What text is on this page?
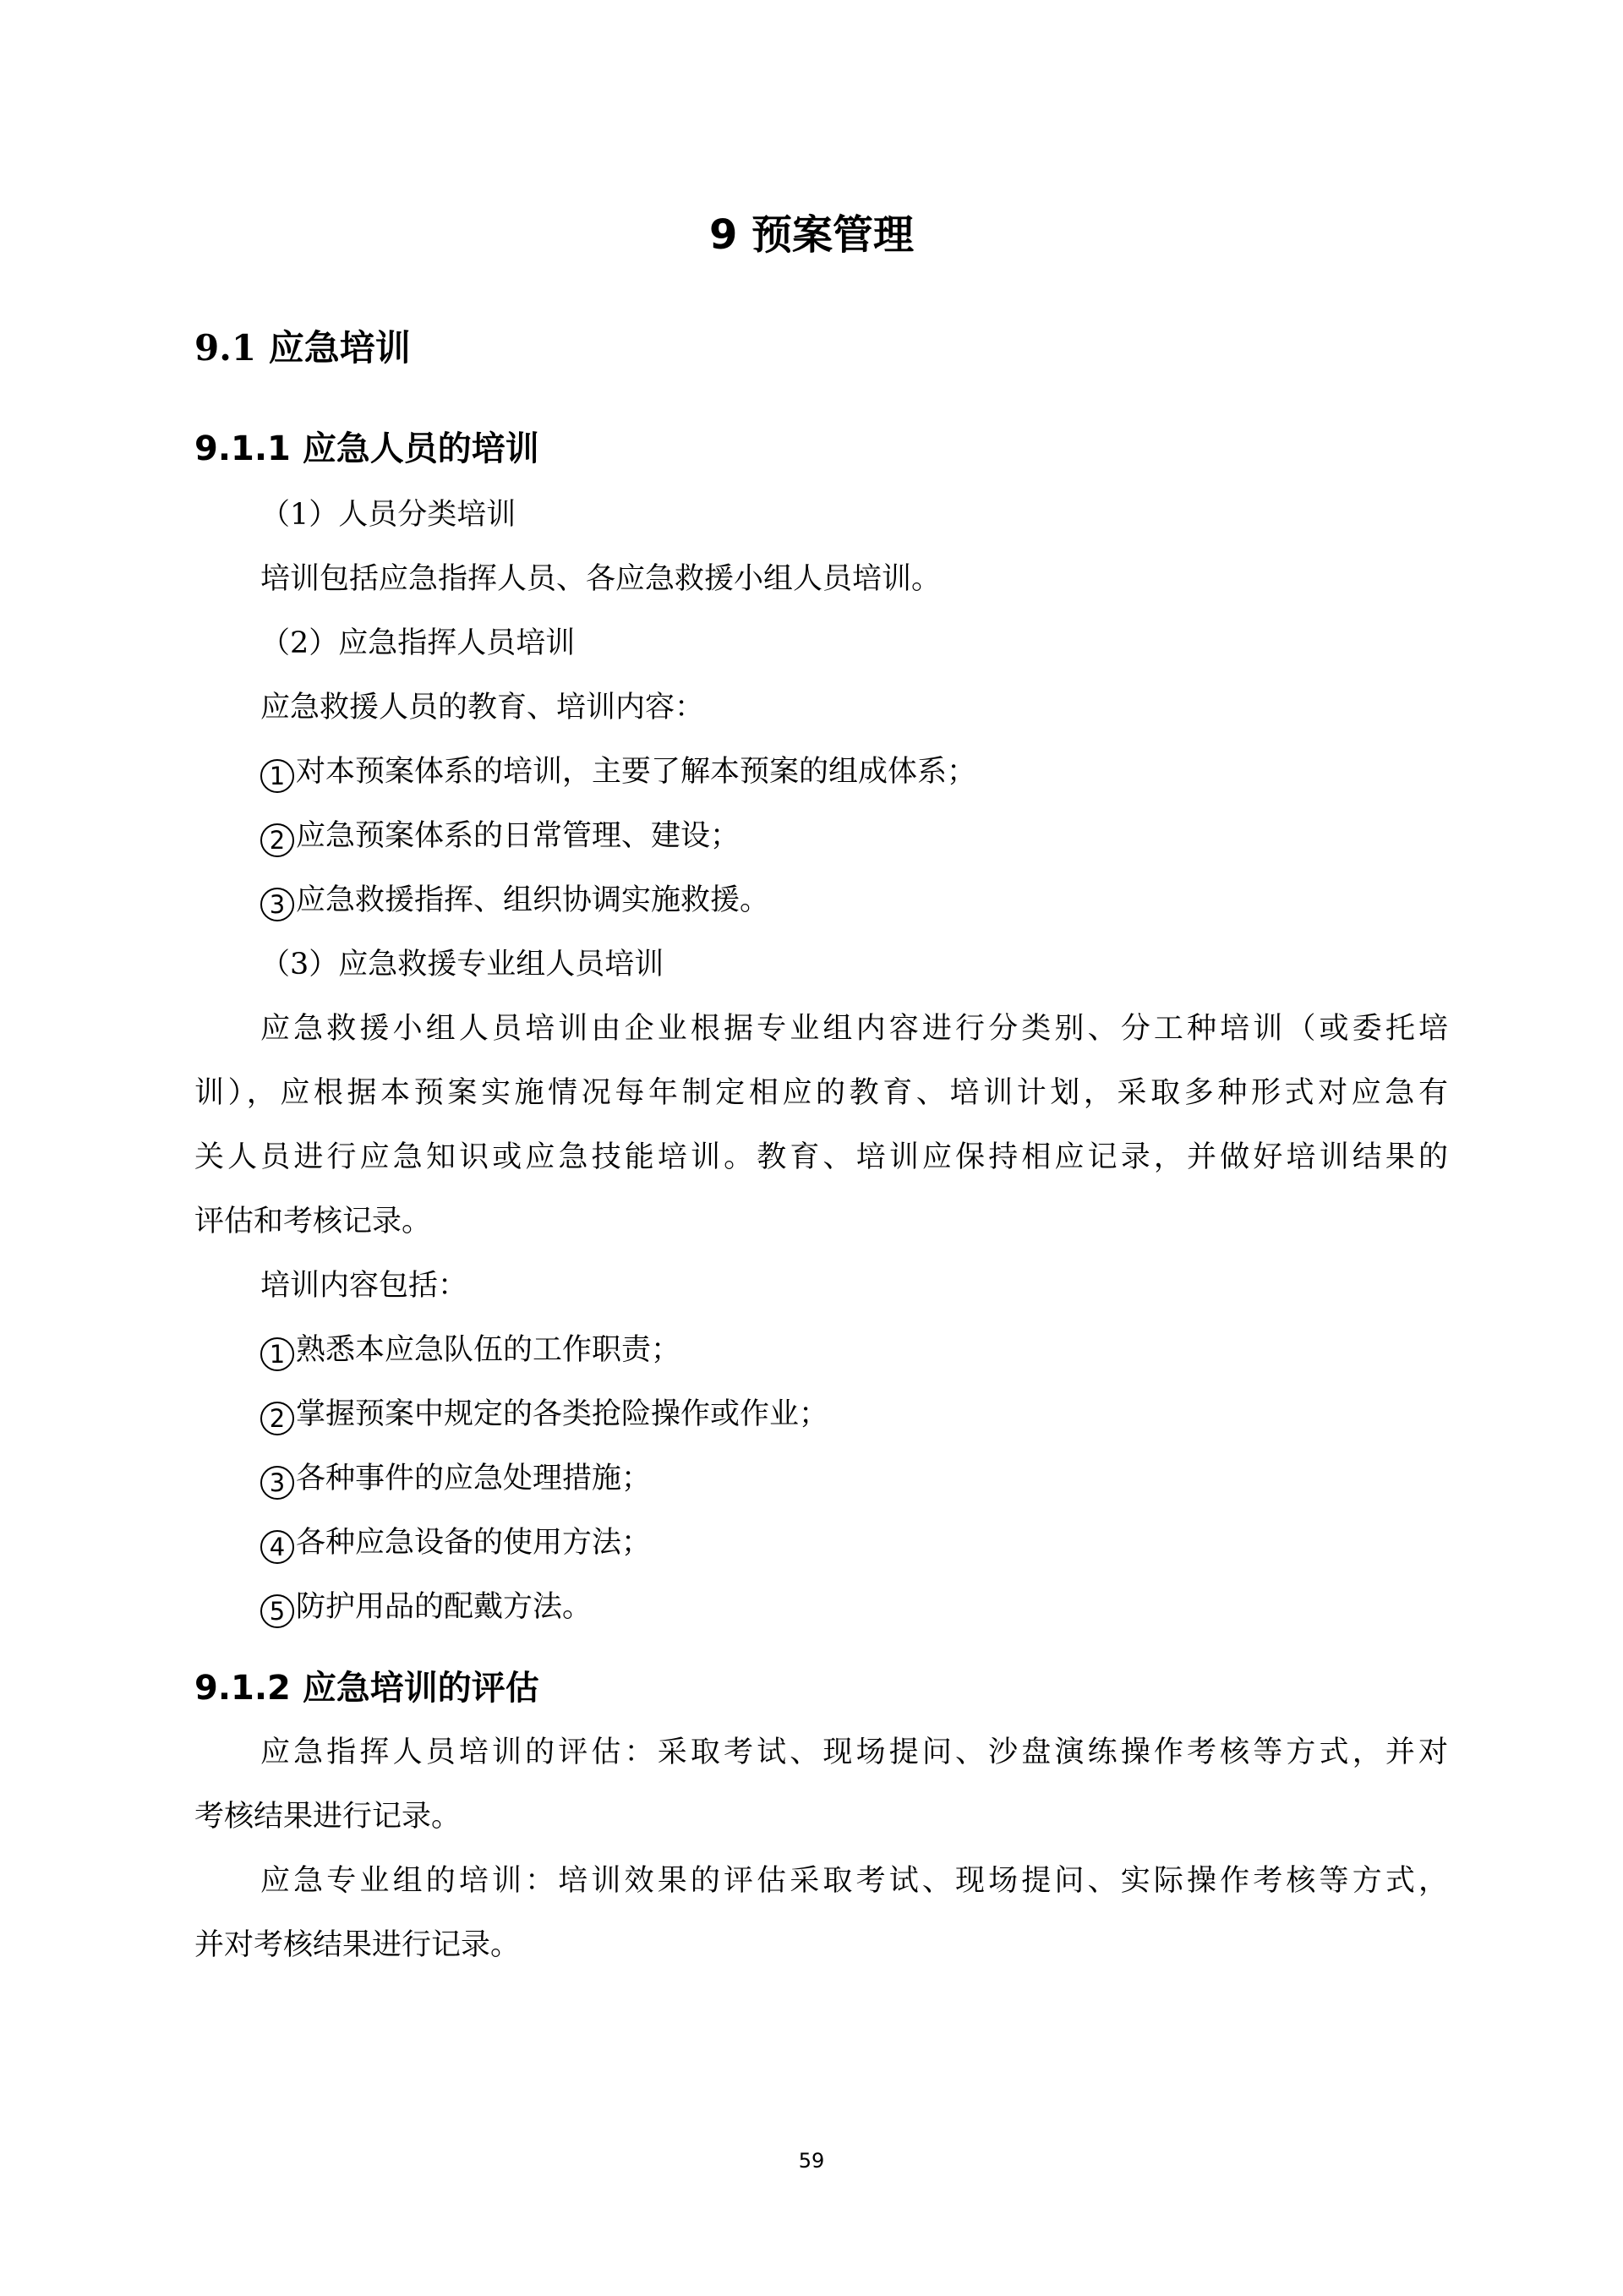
9 预案管理
9.1 应急培训
9.1.1 应急人员的培训
（1）人员分类培训
培训包括应急指挥人员、各应急救援小组人员培训。
（2）应急指挥人员培训
应急救援人员的教育、培训内容：
1 对本预案体系的培训，主要了解本预案的组成体系；
2 应急预案体系的日常管理、建设；
3 应急救援指挥、组织协调实施救援。
（3）应急救援专业组人员培训
应急救援小组人员培训由企业根据专业组内容进行分类别、分工种培训（或委托培
训），应根据本预案实施情况每年制定相应的教育、培训计划，采取多种形式对应急有
关人员进行应急知识或应急技能培训。教育、培训应保持相应记录，并做好培训结果的
评估和考核记录。
培训内容包括：
1 熟悉本应急队伍的工作职责；
2 掌握预案中规定的各类抢险操作或作业；
3 各种事件的应急处理措施；
4 各种应急设备的使用方法；
5 防护用品的配戴方法。
9.1.2 应急培训的评估
应急指挥人员培训的评估：采取考试、现场提问、沙盘演练操作考核等方式，并对
考核结果进行记录。
应急专业组的培训：培训效果的评估采取考试、现场提问、实际操作考核等方式，
并对考核结果进行记录。
59
